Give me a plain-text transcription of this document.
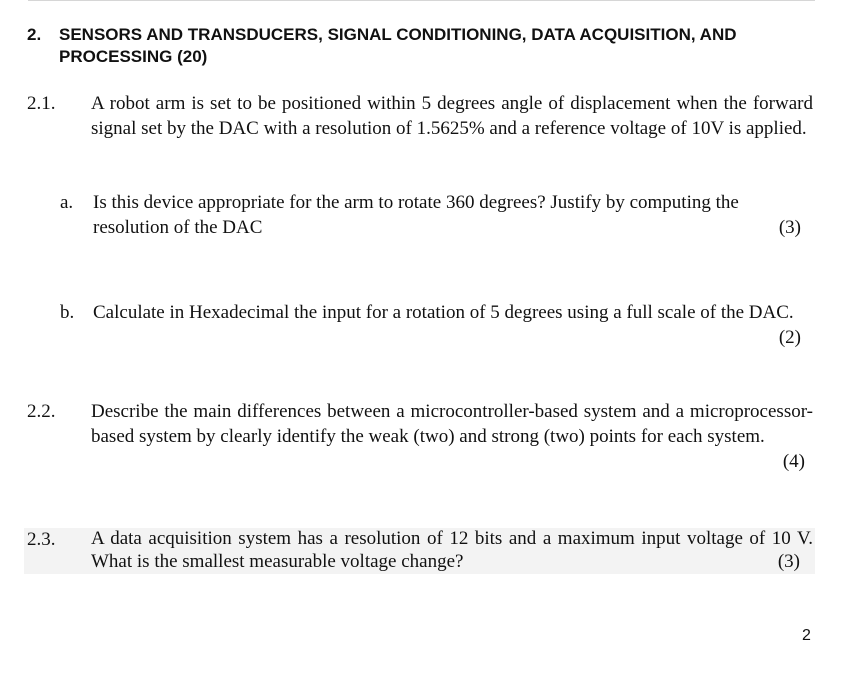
2. SENSORS AND TRANSDUCERS, SIGNAL CONDITIONING, DATA ACQUISITION, AND PROCESSING (20)
2.1. A robot arm is set to be positioned within 5 degrees angle of displacement when the forward signal set by the DAC with a resolution of 1.5625% and a reference voltage of 10V is applied.
a. Is this device appropriate for the arm to rotate 360 degrees? Justify by computing the resolution of the DAC	(3)
b. Calculate in Hexadecimal the input for a rotation of 5 degrees using a full scale of the DAC.
(2)
2.2. Describe the main differences between a microcontroller-based system and a microprocessor-based system by clearly identify the weak (two) and strong (two) points for each system.
(4)
2.3. A data acquisition system has a resolution of 12 bits and a maximum input voltage of 10 V. What is the smallest measurable voltage change?	(3)
2
